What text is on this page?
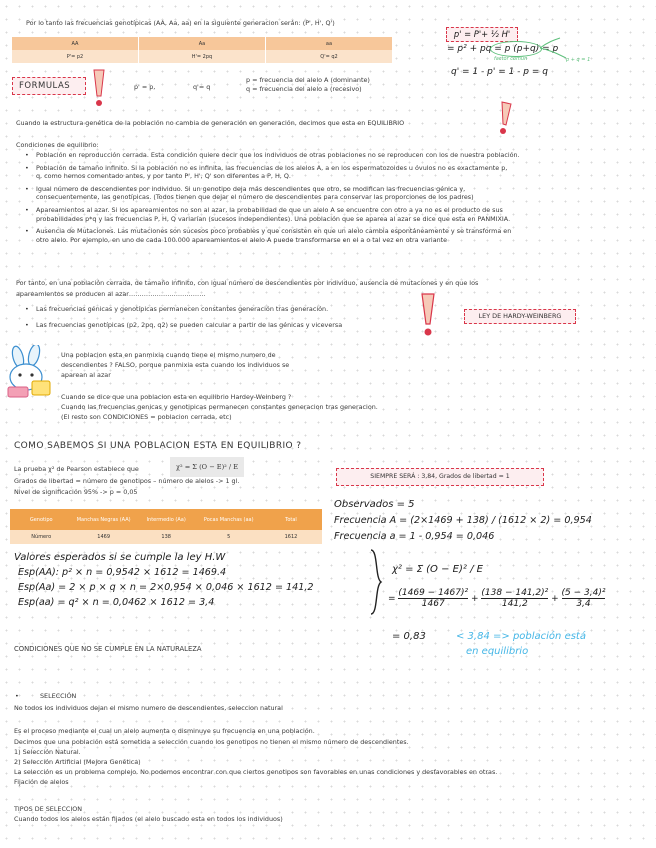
Por lo tanto las frecuencias genotípicas (AA, Aa, aa) en la siguiente generacion serán: (P', H', Q')
AA	Aa	aa
P'= p2	H'= 2pq	Q'= q2
p' = P'+ ½ H'
= p² + pq = p (p+q) = p
factor común	p + q = 1
q' = 1 - p' = 1 - p = q
FORMULAS	p' = p,	q'= q
p = frecuencia del alelo A (dominante)
q = frecuencia del alelo a (recesivo)
Cuando la estructura genética de la población no cambia de generación en generación, decimos que esta en EQUILIBRIO
Condiciones de equilibrio:
• Población en reproducción cerrada. Esta condición quiere decir que los individuos de otras poblaciones no se reproducen con los de nuestra población.
• Población de tamaño infinito. Si la población no es infinita, las frecuencias de los alelos A, a en los espermatozoides u óvulos no es exactamente p,
q, como hemos comentado antes, y por tanto P', H', Q' son diferentes a P, H, Q.
• Igual número de descendientes por individuo. Si un genotipo deja más descendientes que otro, se modifican las frecuencias génica y,
consecuentemente, las genotípicas. (Todos tienen que dejar el número de descendientes para conservar las proporciones de los padres)
• Apareamientos al azar. Si los apareamientos no son al azar, la probabilidad de que un alelo A se encuentre con otro a ya no es el producto de sus
probabilidades p*q y las frecuencias P, H, Q variarían (sucesos independientes). Una población que se aparea al azar se dice que esta en PANMIXIA.
• Ausencia de Mutaciones. Las mutaciones son sucesos poco probables y que consisten en que un alelo cambia espontáneamente y se transforma en
otro alelo. Por ejemplo, en uno de cada 100.000 apareamientos el alelo A puede transformarse en el a o tal vez en otra variante
Por tanto, en una población cerrada, de tamaño infinito, con igual número de descendientes por individuo, ausencia de mutaciones y en que los
apareamientos se producen al azar………………………………
• Las frecuencias génicas y genotípicas permanecen constantes generación tras generación.
• Las frecuencias genotípicas (p2, 2pq, q2) se pueden calcular a partir de las génicas y viceversa
LEY DE HARDY-WEINBERG
Una poblacion esta en panmixia cuando tiene el mismo numero de
descendientes ? FALSO, porque panmixia esta cuando los individuos se
aparean al azar
Cuando se dice que una poblacion esta en equilibrio Hardey-Weinberg ?
Cuando las frecuencias genicas y genotipicas permanecen constantes generacion tras generacion.
(El resto son CONDICIONES = poblacion cerrada, etc)
COMO SABEMOS SI UNA POBLACION ESTA EN EQUILIBRIO ?
La prueba χ² de Pearson establece que	χ² = Σ (O − E)² / E
Grados de libertad = número de genotipos – número de alelos -> 1 gl.
Nivel de significación 95% -> p = 0,05
SIEMPRE SERÁ : 3,84, Grados de libertad = 1
Genotipo	Manchas Negras (AA)	Intermedio (Aa)	Pocas Manchas (aa)	Total
Número	1469	138	5	1612
Observados = 5
Frecuencia A = (2×1469 + 138) / (1612 × 2) = 0,954
Frecuencia a = 1 - 0,954 = 0,046
Valores esperados si se cumple la ley H.W
Esp(AA): p² × n = 0,9542 × 1612 = 1469.4
Esp(Aa) = 2 × p × q × n = 2×0,954 × 0,046 × 1612 = 141,2
Esp(aa) = q² × n = 0,0462 × 1612 = 3,4
χ² = Σ (O − E)² / E
= $\frac{\text{(1469 − 1467)²}}{1467} + \frac{\text{(138 − 141,2)²}}{141,2} + \frac{\text{(5 − 3,4)²}}{3,4}$
= 0,83	< 3,84 => población está
en equilibrio
CONDICIONES QUE NO SE CUMPLE EN LA NATURALEZA
• SELECCIÓN
No todos los individuos dejan el mismo numero de descendientes, seleccion natural
Es el proceso mediante el cual un alelo aumenta o disminuye su frecuencia en una población.
Decimos que una población está sometida a selección cuando los genotipos no tienen el mismo número de descendientes.
1) Selección Natural.
2) Selección Artificial (Mejora Genética)
La selección es un problema complejo. No podemos encontrar con que ciertos genotipos son favorables en unas condiciones y desfavorables en otras.
Fijación de alelos
TIPOS DE SELECCION
Cuando todos los alelos están fijados (el alelo buscado esta en todos los individuos)
